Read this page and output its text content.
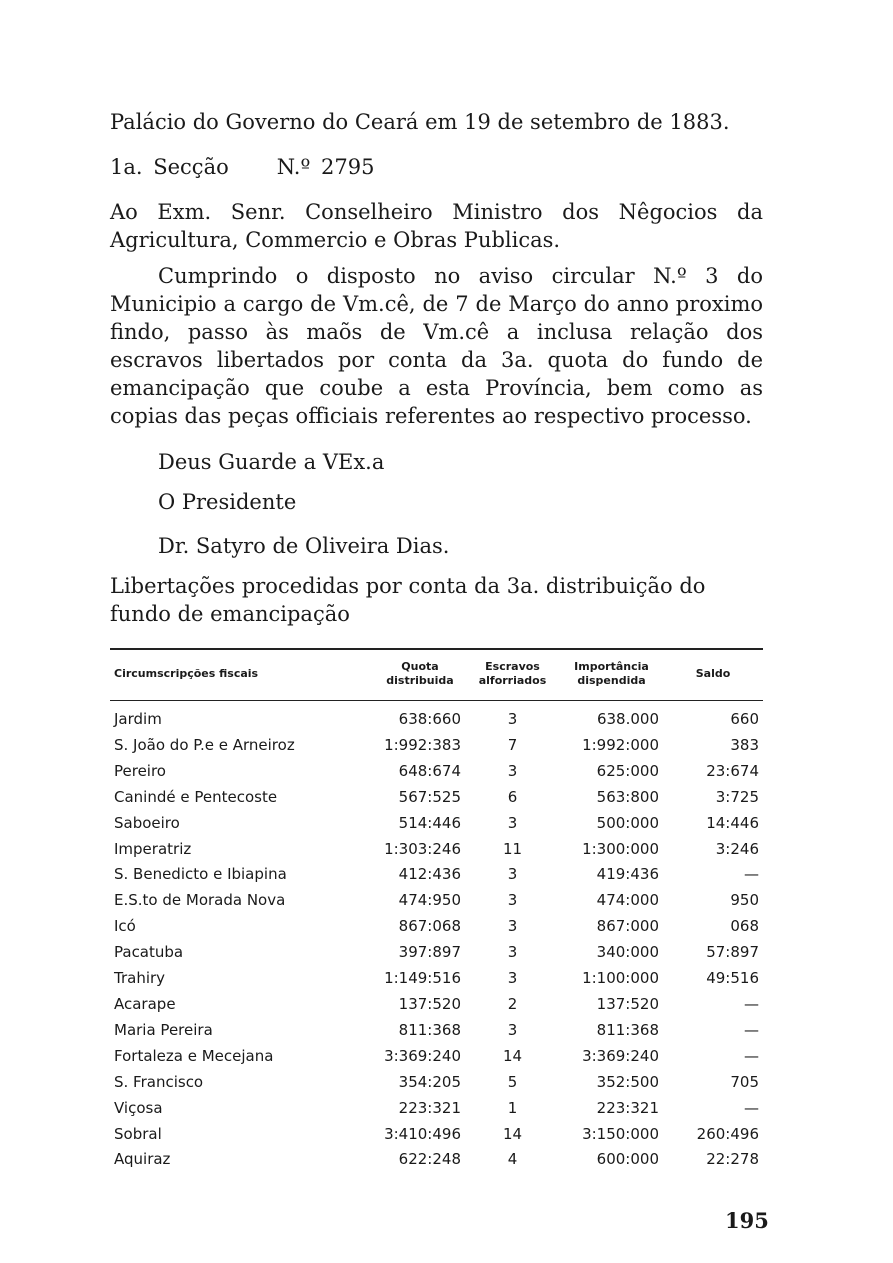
Palácio do Governo do Ceará em 19 de setembro de 1883.

1a. Secção N.º 2795

Ao Exm. Senr. Conselheiro Ministro dos Nêgocios da Agricultura, Commercio e Obras Publicas.

Cumprindo o disposto no aviso circular N.º 3 do Municipio a cargo de Vm.cê, de 7 de Março do anno proximo findo, passo às maõs de Vm.cê a inclusa relação dos escravos libertados por conta da 3a. quota do fundo de emancipação que coube a esta Província, bem como as copias das peças officiais referentes ao respectivo processo.

Deus Guarde a VEx.a

O Presidente

Dr. Satyro de Oliveira Dias.

Libertações procedidas por conta da 3a. distribuição do fundo de emancipação

Circumscripções fiscais	Quota distribuida	Escravos alforriados	Importância dispendida	Saldo
Jardim	638:660	3	638.000	660
S. João do P.e e Arneiroz	1:992:383	7	1:992:000	383
Pereiro	648:674	3	625:000	23:674
Canindé e Pentecoste	567:525	6	563:800	3:725
Saboeiro	514:446	3	500:000	14:446
Imperatriz	1:303:246	11	1:300:000	3:246
S. Benedicto e Ibiapina	412:436	3	419:436	—
E.S.to de Morada Nova	474:950	3	474:000	950
Icó	867:068	3	867:000	068
Pacatuba	397:897	3	340:000	57:897
Trahiry	1:149:516	3	1:100:000	49:516
Acarape	137:520	2	137:520	—
Maria Pereira	811:368	3	811:368	—
Fortaleza e Mecejana	3:369:240	14	3:369:240	—
S. Francisco	354:205	5	352:500	705
Viçosa	223:321	1	223:321	—
Sobral	3:410:496	14	3:150:000	260:496
Aquiraz	622:248	4	600:000	22:278
195
